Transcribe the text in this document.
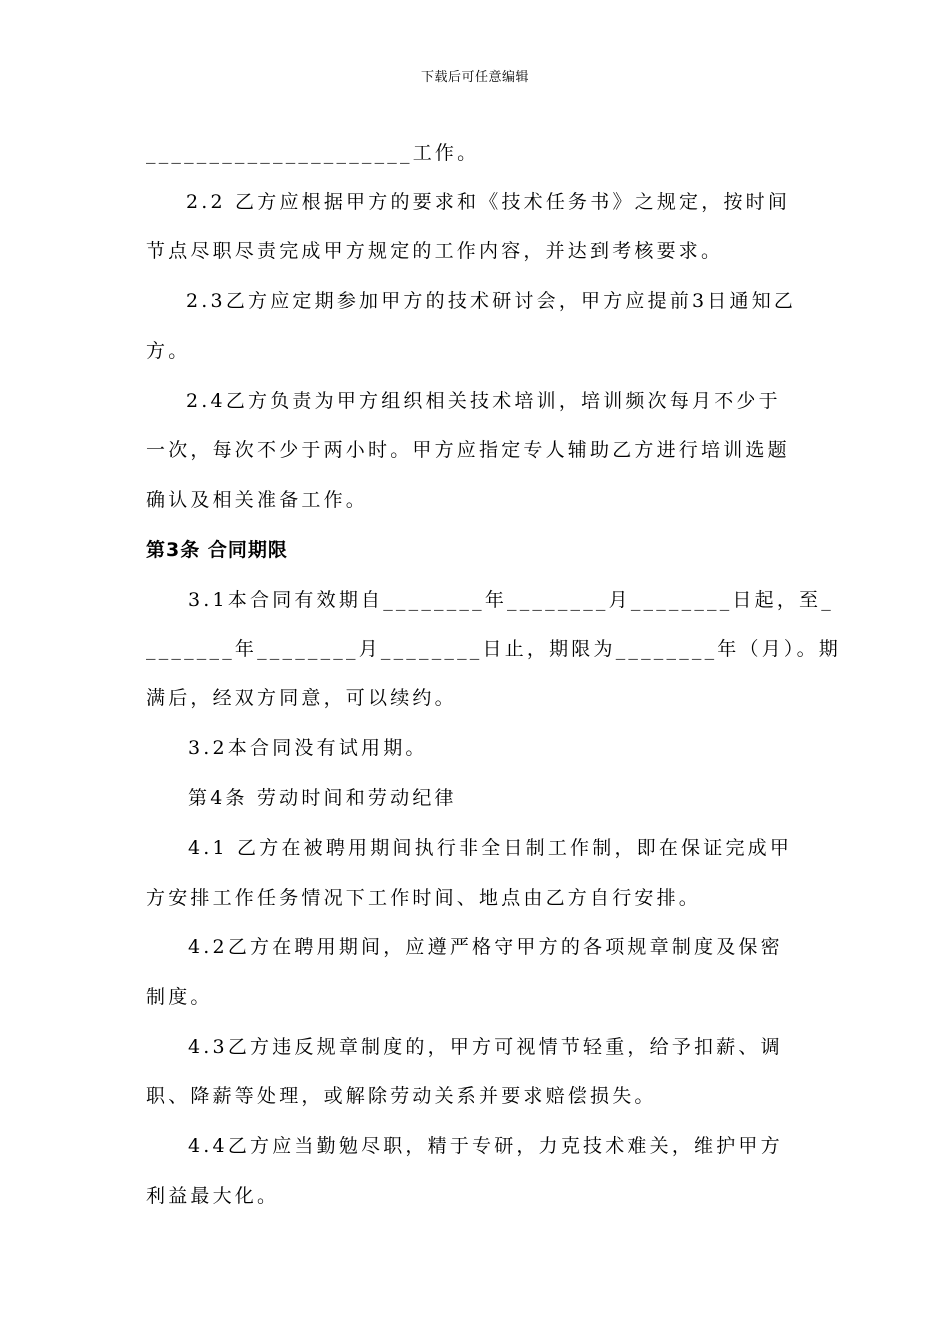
下载后可任意编辑
_____________________工作。
2.2 乙方应根据甲方的要求和《技术任务书》之规定，按时间
节点尽职尽责完成甲方规定的工作内容，并达到考核要求。
2.3乙方应定期参加甲方的技术研讨会，甲方应提前3日通知乙
方。
2.4乙方负责为甲方组织相关技术培训，培训频次每月不少于
一次，每次不少于两小时。甲方应指定专人辅助乙方进行培训选题
确认及相关准备工作。
第3条 合同期限
3.1本合同有效期自________年________月________日起，至_
_______年________月________日止，期限为________年（月）。期
满后，经双方同意，可以续约。
3.2本合同没有试用期。
第4条 劳动时间和劳动纪律
4.1 乙方在被聘用期间执行非全日制工作制，即在保证完成甲
方安排工作任务情况下工作时间、地点由乙方自行安排。
4.2乙方在聘用期间，应遵严格守甲方的各项规章制度及保密
制度。
4.3乙方违反规章制度的，甲方可视情节轻重，给予扣薪、调
职、降薪等处理，或解除劳动关系并要求赔偿损失。
4.4乙方应当勤勉尽职，精于专研，力克技术难关，维护甲方
利益最大化。
